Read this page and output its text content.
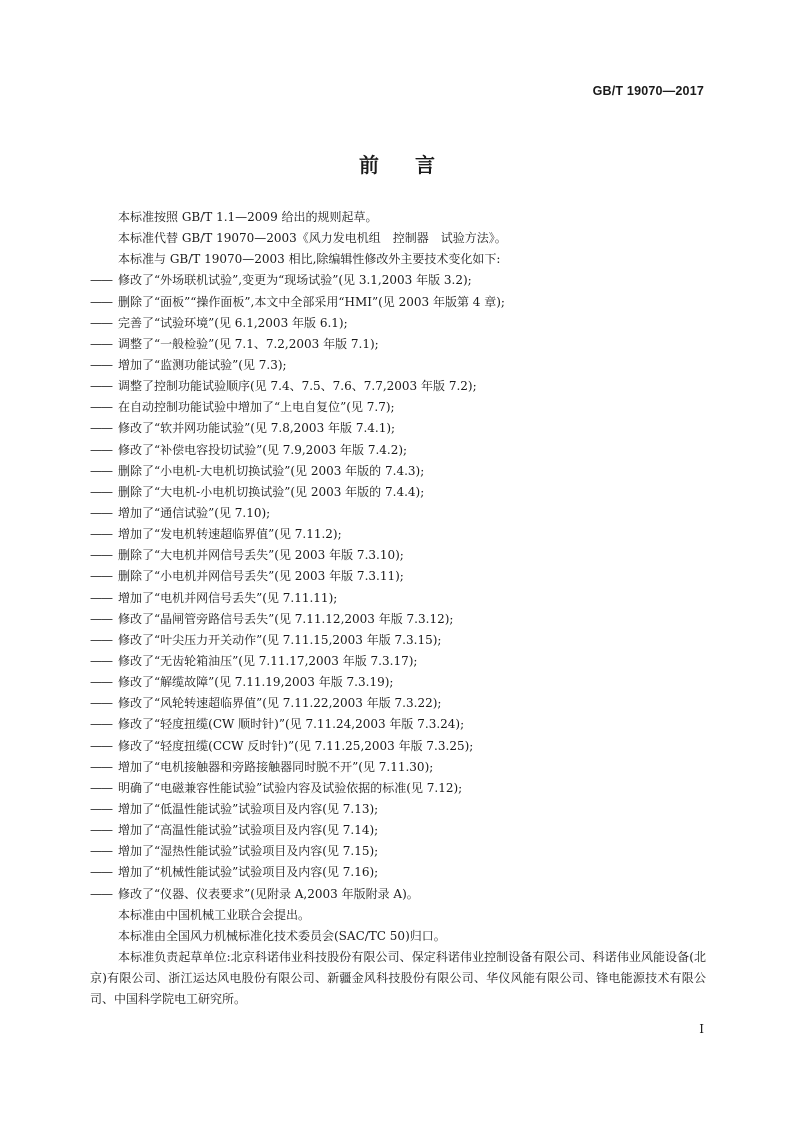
GB/T 19070—2017
前言
本标准按照 GB/T 1.1—2009 给出的规则起草。
本标准代替 GB/T 19070—2003《风力发电机组　控制器　试验方法》。
本标准与 GB/T 19070—2003 相比,除编辑性修改外主要技术变化如下:
—— 修改了“外场联机试验”,变更为“现场试验”(见 3.1,2003 年版 3.2);
—— 删除了“面板”“操作面板”,本文中全部采用“HMI”(见 2003 年版第 4 章);
—— 完善了“试验环境”(见 6.1,2003 年版 6.1);
—— 调整了“一般检验”(见 7.1、7.2,2003 年版 7.1);
—— 增加了“监测功能试验”(见 7.3);
—— 调整了控制功能试验顺序(见 7.4、7.5、7.6、7.7,2003 年版 7.2);
—— 在自动控制功能试验中增加了“上电自复位”(见 7.7);
—— 修改了“软并网功能试验”(见 7.8,2003 年版 7.4.1);
—— 修改了“补偿电容投切试验”(见 7.9,2003 年版 7.4.2);
—— 删除了“小电机-大电机切换试验”(见 2003 年版的 7.4.3);
—— 删除了“大电机-小电机切换试验”(见 2003 年版的 7.4.4);
—— 增加了“通信试验”(见 7.10);
—— 增加了“发电机转速超临界值”(见 7.11.2);
—— 删除了“大电机并网信号丢失”(见 2003 年版 7.3.10);
—— 删除了“小电机并网信号丢失”(见 2003 年版 7.3.11);
—— 增加了“电机并网信号丢失”(见 7.11.11);
—— 修改了“晶闸管旁路信号丢失”(见 7.11.12,2003 年版 7.3.12);
—— 修改了“叶尖压力开关动作”(见 7.11.15,2003 年版 7.3.15);
—— 修改了“无齿轮箱油压”(见 7.11.17,2003 年版 7.3.17);
—— 修改了“解缆故障”(见 7.11.19,2003 年版 7.3.19);
—— 修改了“风轮转速超临界值”(见 7.11.22,2003 年版 7.3.22);
—— 修改了“轻度扭缆(CW 顺时针)”(见 7.11.24,2003 年版 7.3.24);
—— 修改了“轻度扭缆(CCW 反时针)”(见 7.11.25,2003 年版 7.3.25);
—— 增加了“电机接触器和旁路接触器同时脱不开”(见 7.11.30);
—— 明确了“电磁兼容性能试验”试验内容及试验依据的标准(见 7.12);
—— 增加了“低温性能试验”试验项目及内容(见 7.13);
—— 增加了“高温性能试验”试验项目及内容(见 7.14);
—— 增加了“湿热性能试验”试验项目及内容(见 7.15);
—— 增加了“机械性能试验”试验项目及内容(见 7.16);
—— 修改了“仪器、仪表要求”(见附录 A,2003 年版附录 A)。
本标准由中国机械工业联合会提出。
本标准由全国风力机械标准化技术委员会(SAC/TC 50)归口。
本标准负责起草单位:北京科诺伟业科技股份有限公司、保定科诺伟业控制设备有限公司、科诺伟业风能设备(北京)有限公司、浙江运达风电股份有限公司、新疆金风科技股份有限公司、华仪风能有限公司、锋电能源技术有限公司、中国科学院电工研究所。
I
